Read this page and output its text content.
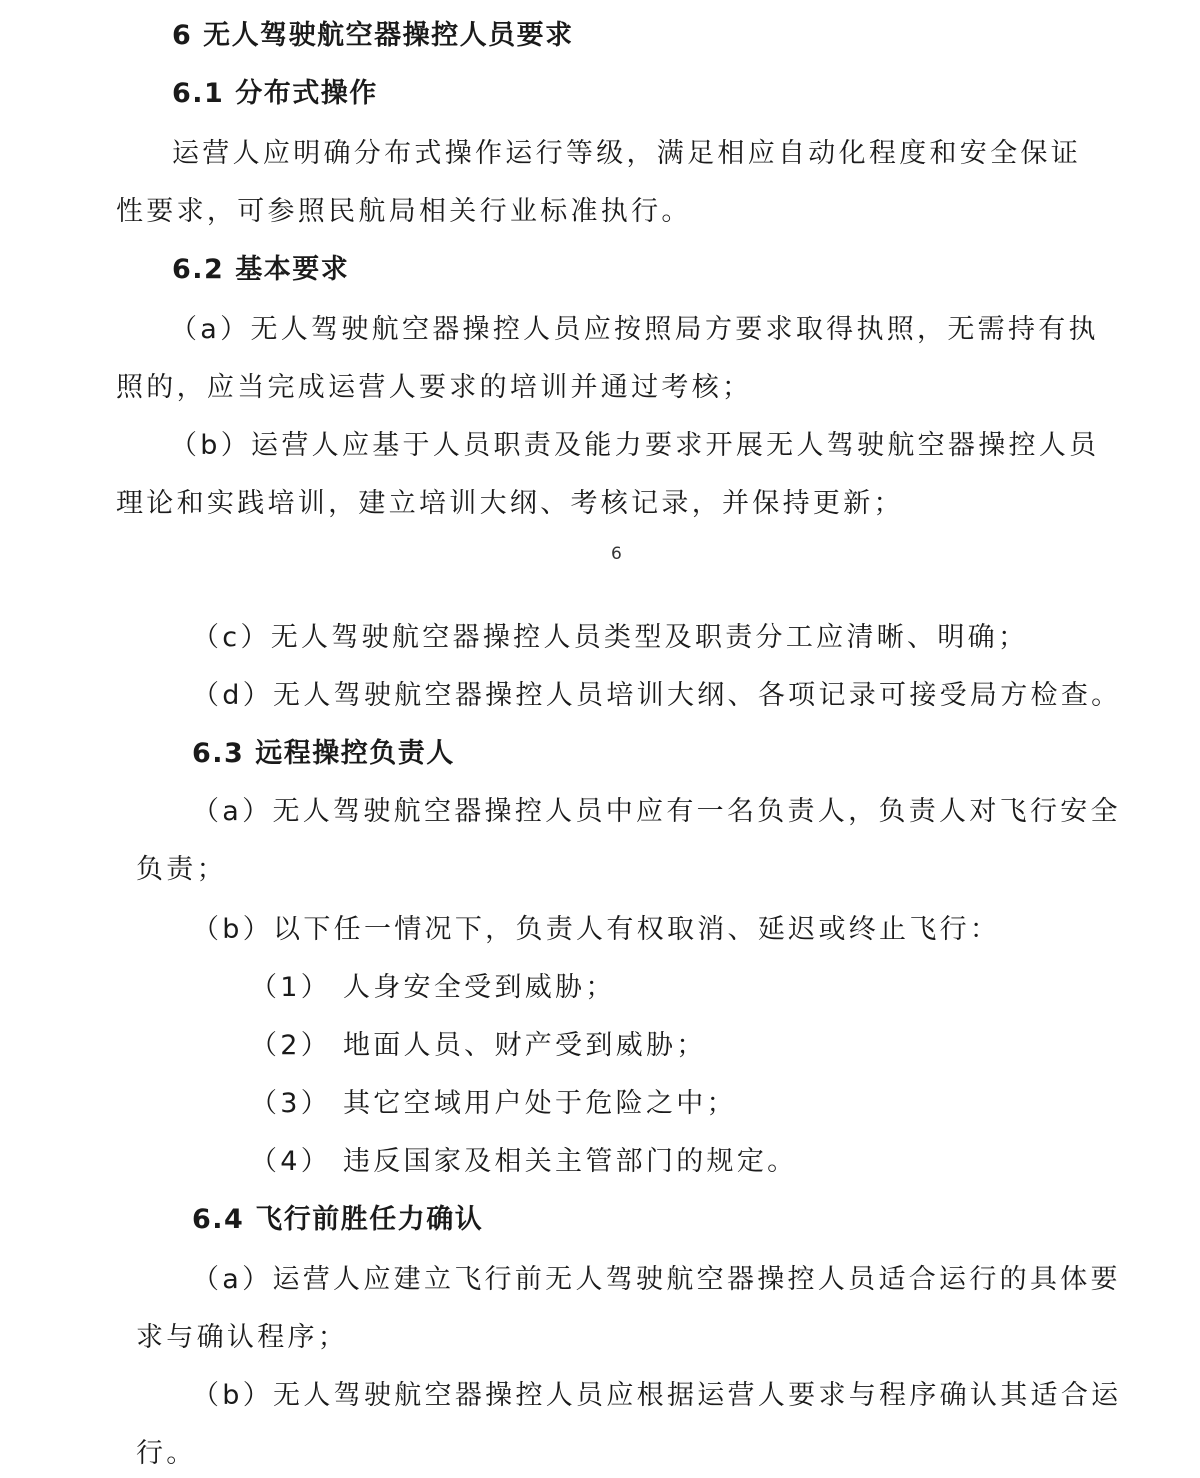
6 无人驾驶航空器操控人员要求
6.1 分布式操作
运营人应明确分布式操作运行等级，满足相应自动化程度和安全保证
性要求，可参照民航局相关行业标准执行。
6.2 基本要求
（a）无人驾驶航空器操控人员应按照局方要求取得执照，无需持有执
照的，应当完成运营人要求的培训并通过考核；
（b）运营人应基于人员职责及能力要求开展无人驾驶航空器操控人员
理论和实践培训，建立培训大纲、考核记录，并保持更新；
6
（c）无人驾驶航空器操控人员类型及职责分工应清晰、明确；
（d）无人驾驶航空器操控人员培训大纲、各项记录可接受局方检查。
6.3 远程操控负责人
（a）无人驾驶航空器操控人员中应有一名负责人，负责人对飞行安全
负责；
（b）以下任一情况下，负责人有权取消、延迟或终止飞行：
（1） 人身安全受到威胁；
（2） 地面人员、财产受到威胁；
（3） 其它空域用户处于危险之中；
（4） 违反国家及相关主管部门的规定。
6.4 飞行前胜任力确认
（a）运营人应建立飞行前无人驾驶航空器操控人员适合运行的具体要
求与确认程序；
（b）无人驾驶航空器操控人员应根据运营人要求与程序确认其适合运
行。
